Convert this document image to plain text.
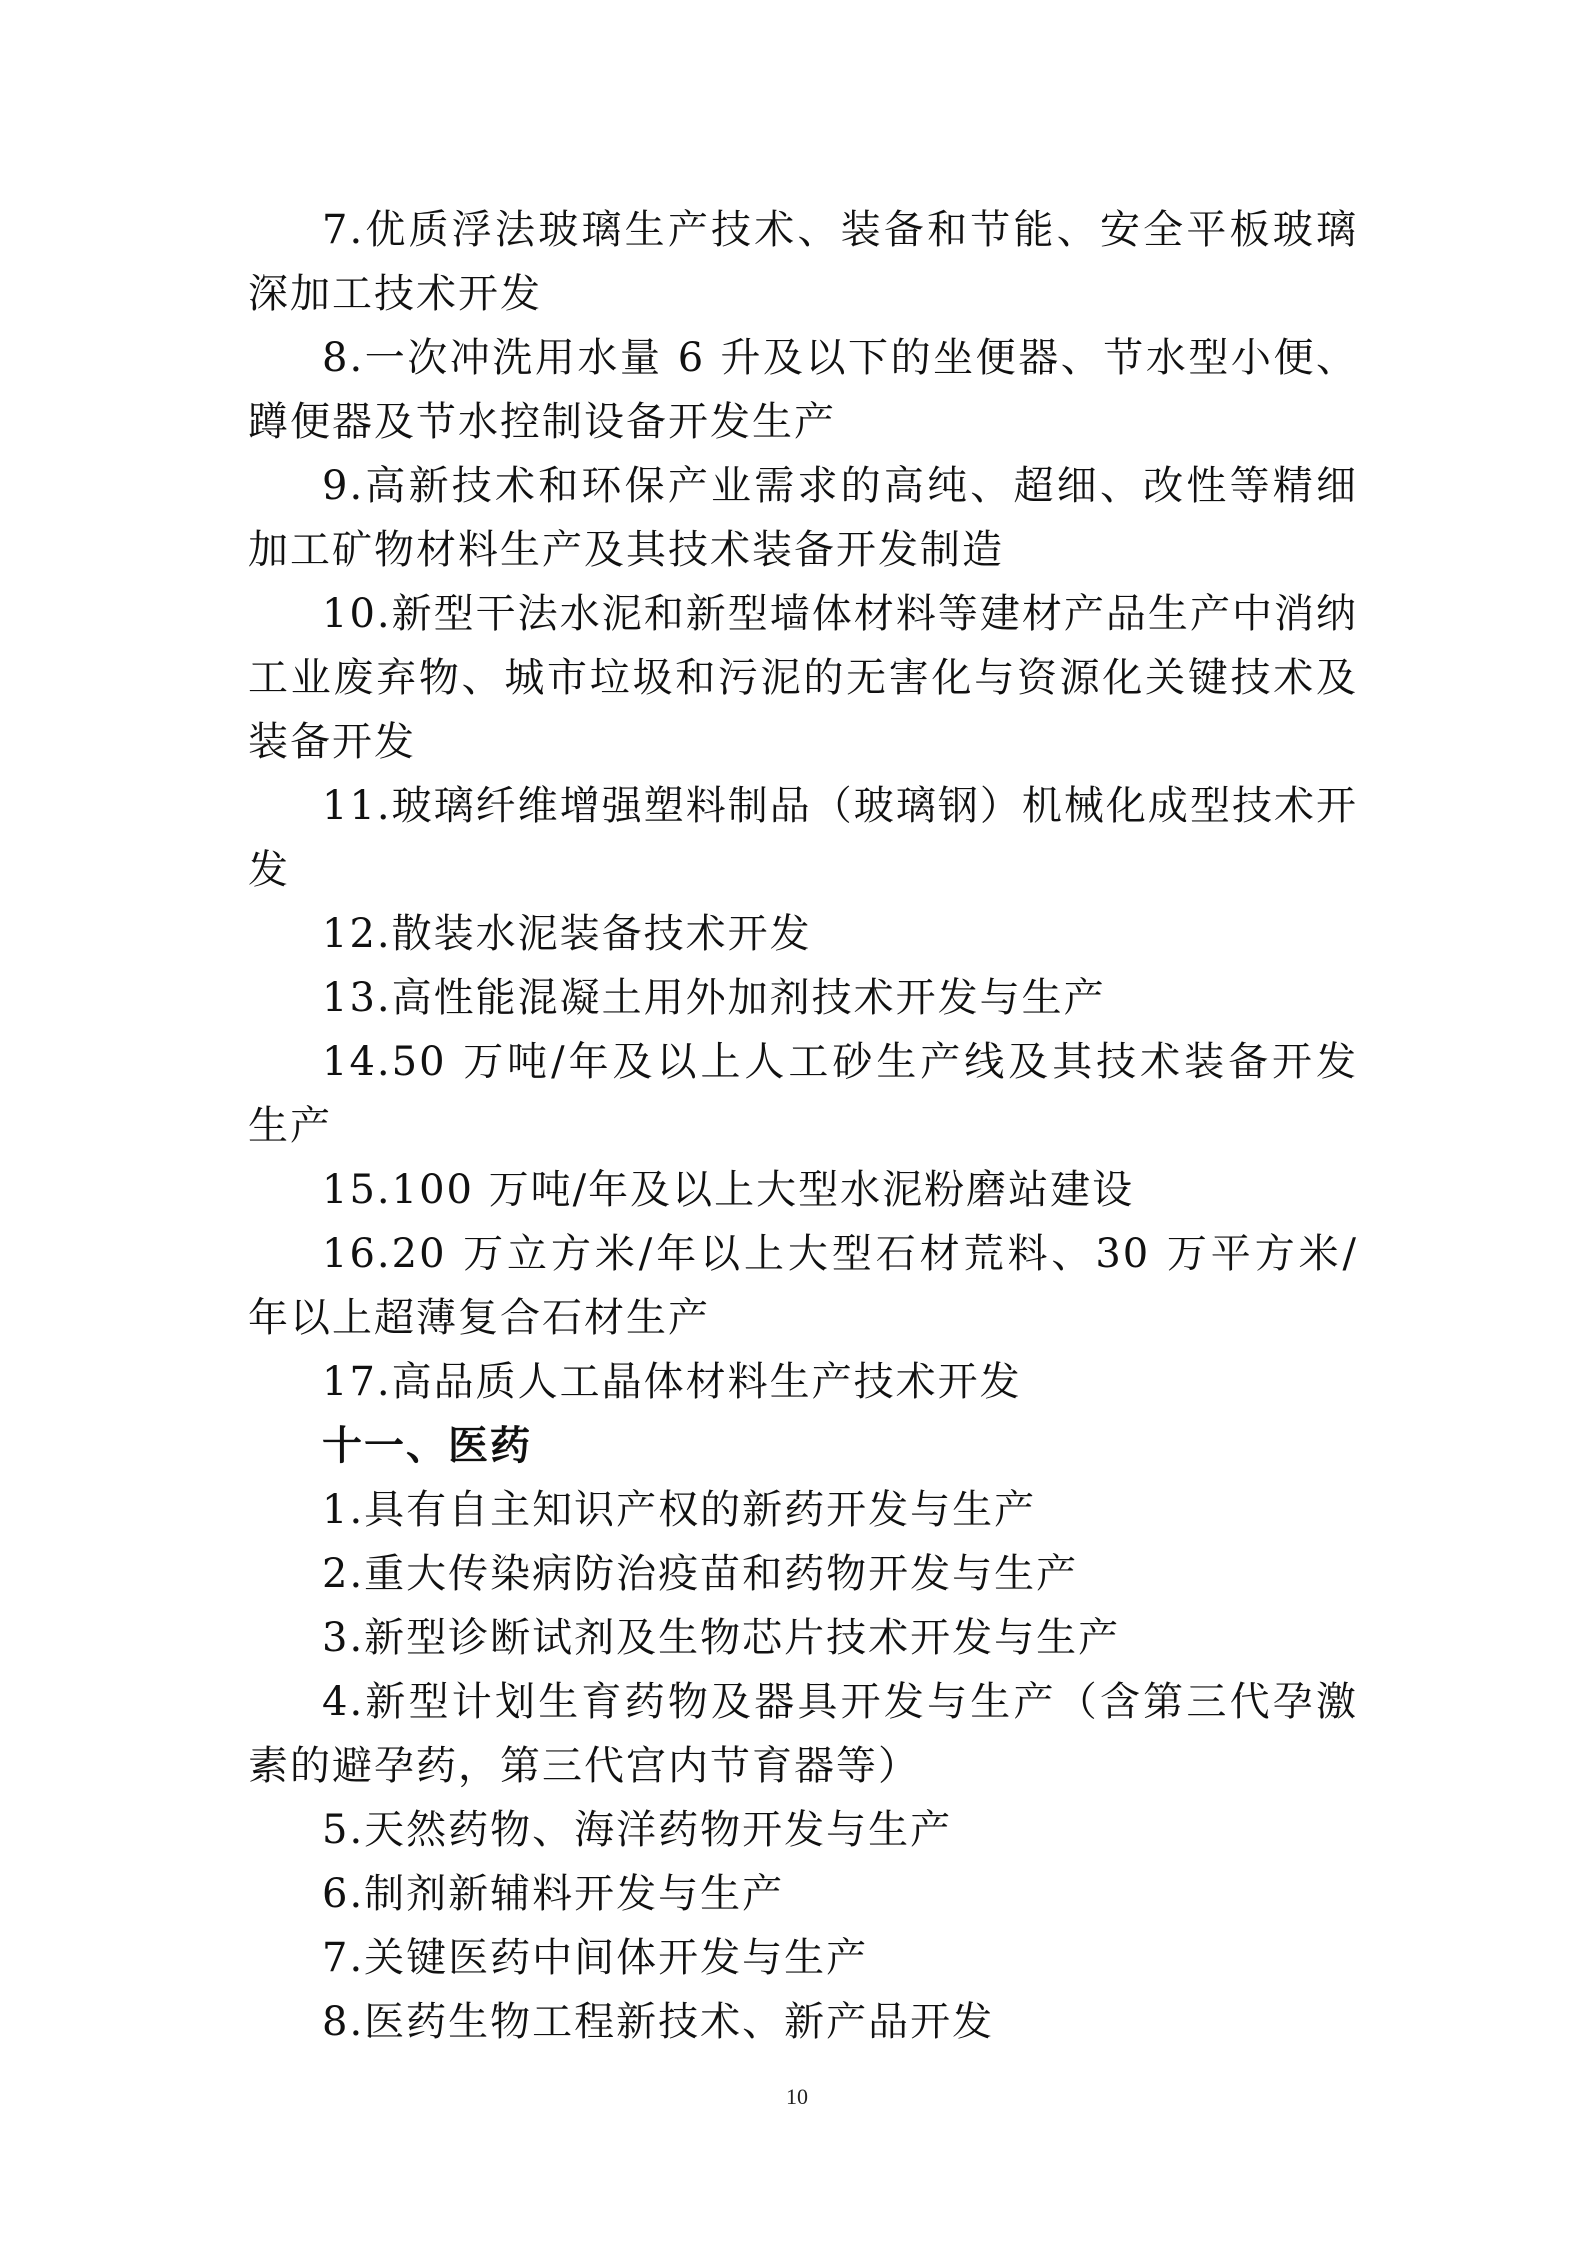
7.优质浮法玻璃生产技术、装备和节能、安全平板玻璃深加工技术开发

8.一次冲洗用水量 6 升及以下的坐便器、节水型小便、蹲便器及节水控制设备开发生产

9.高新技术和环保产业需求的高纯、超细、改性等精细加工矿物材料生产及其技术装备开发制造

10.新型干法水泥和新型墙体材料等建材产品生产中消纳工业废弃物、城市垃圾和污泥的无害化与资源化关键技术及装备开发

11.玻璃纤维增强塑料制品（玻璃钢）机械化成型技术开发

12.散装水泥装备技术开发

13.高性能混凝土用外加剂技术开发与生产

14.50 万吨/年及以上人工砂生产线及其技术装备开发生产

15.100 万吨/年及以上大型水泥粉磨站建设

16.20 万立方米/年以上大型石材荒料、30 万平方米/年以上超薄复合石材生产

17.高品质人工晶体材料生产技术开发

十一、医药

1.具有自主知识产权的新药开发与生产

2.重大传染病防治疫苗和药物开发与生产

3.新型诊断试剂及生物芯片技术开发与生产

4.新型计划生育药物及器具开发与生产（含第三代孕激素的避孕药，第三代宫内节育器等）

5.天然药物、海洋药物开发与生产

6.制剂新辅料开发与生产

7.关键医药中间体开发与生产

8.医药生物工程新技术、新产品开发

10
